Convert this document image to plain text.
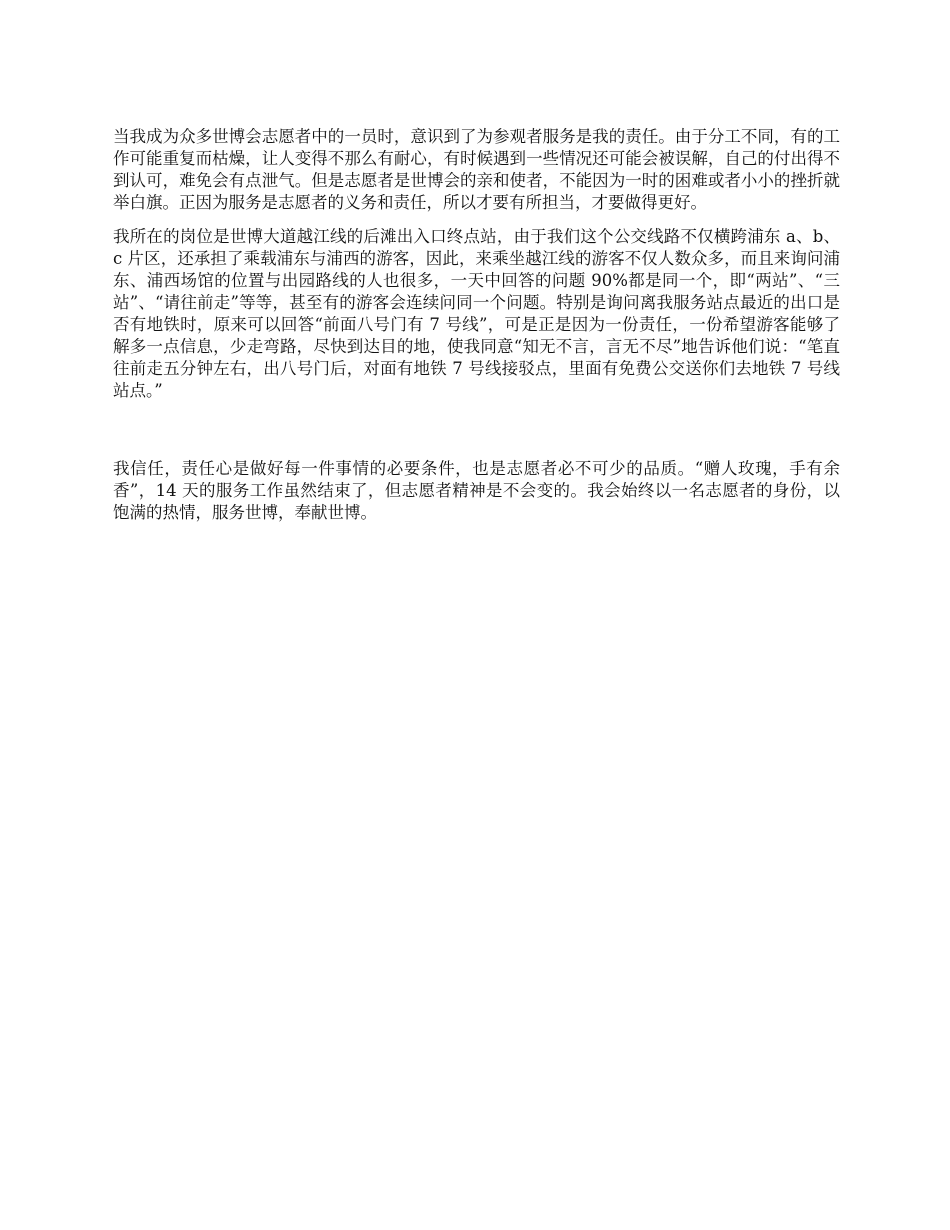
当我成为众多世博会志愿者中的一员时，意识到了为参观者服务是我的责任。由于分工不同，有的工作可能重复而枯燥，让人变得不那么有耐心，有时候遇到一些情况还可能会被误解，自己的付出得不到认可，难免会有点泄气。但是志愿者是世博会的亲和使者，不能因为一时的困难或者小小的挫折就举白旗。正因为服务是志愿者的义务和责任，所以才要有所担当，才要做得更好。

我所在的岗位是世博大道越江线的后滩出入口终点站，由于我们这个公交线路不仅横跨浦东 a、b、c 片区，还承担了乘载浦东与浦西的游客，因此，来乘坐越江线的游客不仅人数众多，而且来询问浦东、浦西场馆的位置与出园路线的人也很多，一天中回答的问题 90%都是同一个，即“两站”、“三站”、“请往前走”等等，甚至有的游客会连续问同一个问题。特别是询问离我服务站点最近的出口是否有地铁时，原来可以回答“前面八号门有 7 号线”，可是正是因为一份责任，一份希望游客能够了解多一点信息，少走弯路，尽快到达目的地，使我同意“知无不言，言无不尽”地告诉他们说：“笔直往前走五分钟左右，出八号门后，对面有地铁 7 号线接驳点，里面有免费公交送你们去地铁 7 号线站点。”

我信任，责任心是做好每一件事情的必要条件，也是志愿者必不可少的品质。“赠人玫瑰，手有余香”，14 天的服务工作虽然结束了，但志愿者精神是不会变的。我会始终以一名志愿者的身份，以饱满的热情，服务世博，奉献世博。
